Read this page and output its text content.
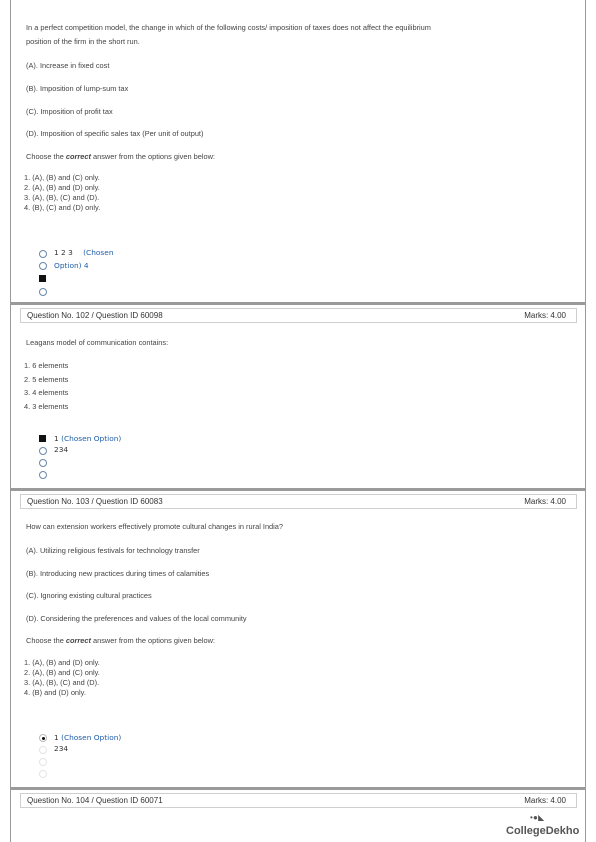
In a perfect competition model, the change in which of the following costs/ imposition of taxes does not affect the equilibrium
position of the firm in the short run.
(A). Increase in fixed cost
(B). Imposition of lump-sum tax
(C). Imposition of profit tax
(D). Imposition of specific sales tax (Per unit of output)
Choose the correct answer from the options given below:
1. (A), (B) and (C) only.
2. (A), (B) and (D) only.
3. (A), (B), (C) and (D).
4. (B), (C) and (D) only.
1 2 3 (Chosen
Option) 4
Question No. 102 / Question ID 60098	Marks: 4.00
Leagans model of communication contains:
1. 6 elements
2. 5 elements
3. 4 elements
4. 3 elements
1 (Chosen Option)
234
Question No. 103 / Question ID 60083	Marks: 4.00
How can extension workers effectively promote cultural changes in rural India?
(A). Utilizing religious festivals for technology transfer
(B). Introducing new practices during times of calamities
(C). Ignoring existing cultural practices
(D). Considering the preferences and values of the local community
Choose the correct answer from the options given below:
1. (A), (B) and (D) only.
2. (A), (B) and (C) only.
3. (A), (B), (C) and (D).
4. (B) and (D) only.
1 (Chosen Option)
234
Question No. 104 / Question ID 60071	Marks: 4.00
• ● ◣
CollegeDekho
